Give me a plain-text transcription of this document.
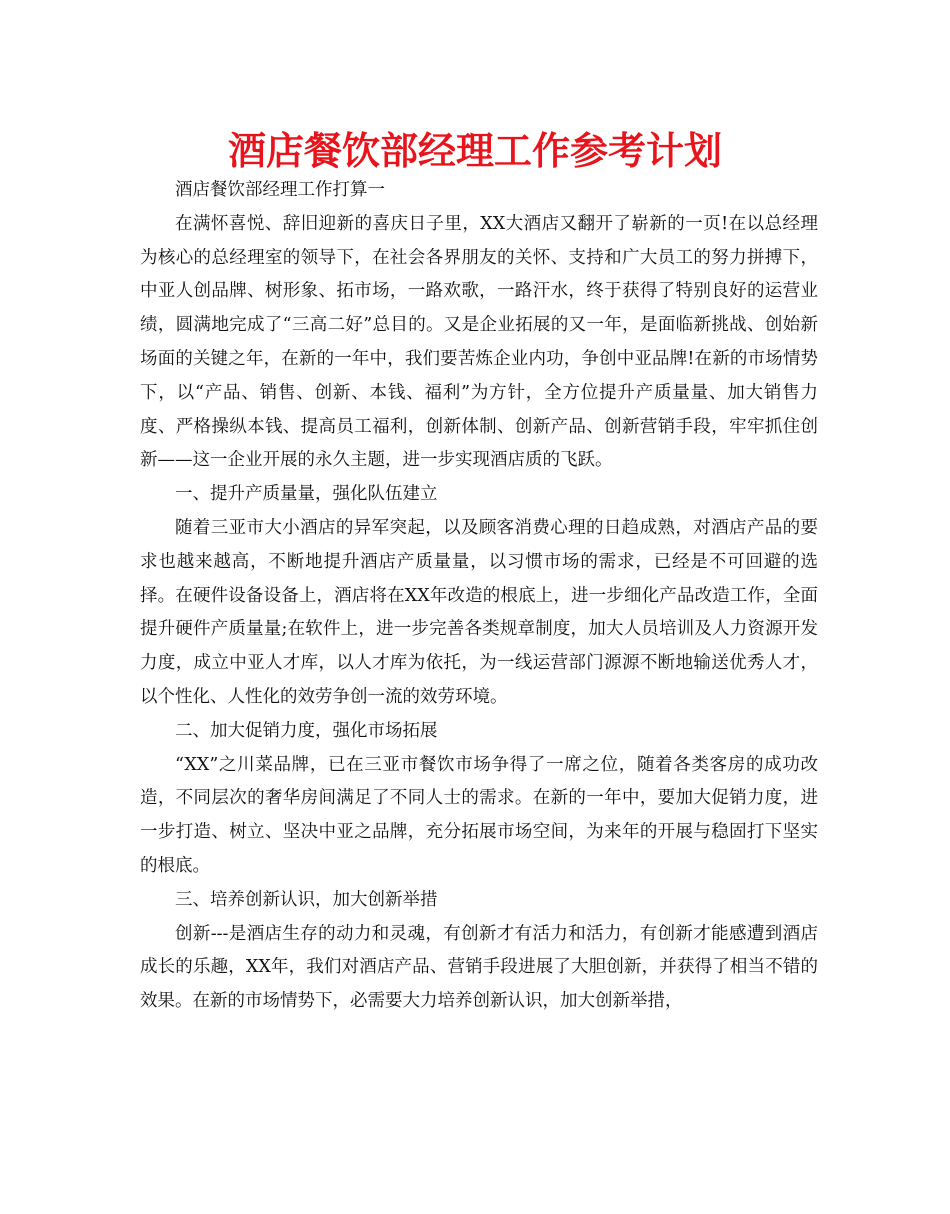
酒店餐饮部经理工作参考计划

酒店餐饮部经理工作打算一

在满怀喜悦、辞旧迎新的喜庆日子里，XX大酒店又翻开了崭新的一页!在以总经理为核心的总经理室的领导下，在社会各界朋友的关怀、支持和广大员工的努力拼搏下，中亚人创品牌、树形象、拓市场，一路欢歌，一路汗水，终于获得了特别良好的运营业绩，圆满地完成了“三高二好”总目的。又是企业拓展的又一年，是面临新挑战、创始新场面的关键之年，在新的一年中，我们要苦炼企业内功，争创中亚品牌!在新的市场情势下，以“产品、销售、创新、本钱、福利”为方针，全方位提升产质量量、加大销售力度、严格操纵本钱、提高员工福利，创新体制、创新产品、创新营销手段，牢牢抓住创新——这一企业开展的永久主题，进一步实现酒店质的飞跃。

一、提升产质量量，强化队伍建立

随着三亚市大小酒店的异军突起，以及顾客消费心理的日趋成熟，对酒店产品的要求也越来越高，不断地提升酒店产质量量，以习惯市场的需求，已经是不可回避的选择。在硬件设备设备上，酒店将在XX年改造的根底上，进一步细化产品改造工作，全面提升硬件产质量量;在软件上，进一步完善各类规章制度，加大人员培训及人力资源开发力度，成立中亚人才库，以人才库为依托，为一线运营部门源源不断地输送优秀人才，以个性化、人性化的效劳争创一流的效劳环境。

二、加大促销力度，强化市场拓展

“XX”之川菜品牌，已在三亚市餐饮市场争得了一席之位，随着各类客房的成功改造，不同层次的奢华房间满足了不同人士的需求。在新的一年中，要加大促销力度，进一步打造、树立、坚决中亚之品牌，充分拓展市场空间，为来年的开展与稳固打下坚实的根底。

三、培养创新认识，加大创新举措

创新---是酒店生存的动力和灵魂，有创新才有活力和活力，有创新才能感遭到酒店成长的乐趣，XX年，我们对酒店产品、营销手段进展了大胆创新，并获得了相当不错的效果。在新的市场情势下，必需要大力培养创新认识，加大创新举措，
